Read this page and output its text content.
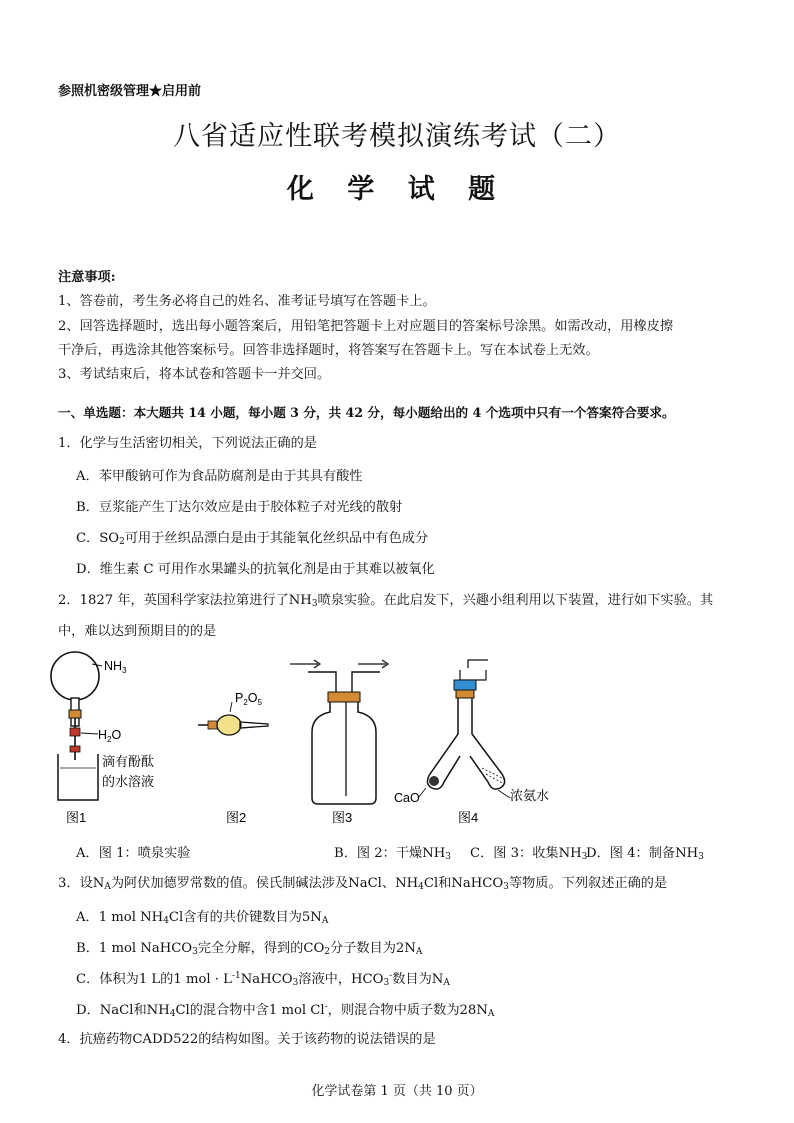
参照机密级管理★启用前
八省适应性联考模拟演练考试（二）
化 学 试 题
注意事项:
1、答卷前，考生务必将自己的姓名、准考证号填写在答题卡上。
2、回答选择题时，选出每小题答案后，用铅笔把答题卡上对应题目的答案标号涂黑。如需改动，用橡皮擦
干净后，再选涂其他答案标号。回答非选择题时，将答案写在答题卡上。写在本试卷上无效。
3、考试结束后，将本试卷和答题卡一并交回。
一、单选题：本大题共 14 小题，每小题 3 分，共 42 分，每小题给出的 4 个选项中只有一个答案符合要求。
1．化学与生活密切相关，下列说法正确的是
A．苯甲酸钠可作为食品防腐剂是由于其具有酸性
B．豆浆能产生丁达尔效应是由于胶体粒子对光线的散射
C．$SO_2$可用于丝织品漂白是由于其能氧化丝织品中有色成分
D．维生素 C 可用作水果罐头的抗氧化剂是由于其难以被氧化
2．1827 年，英国科学家法拉第进行了$NH_3$喷泉实验。在此启发下，兴趣小组利用以下装置，进行如下实验。其
中，难以达到预期目的的是
$NH_3$
$H_2O$
滴有酚酞
的水溶液
$P_2O_5$
CaO	浓氨水
图1	图2	图3	图4
A．图 1：喷泉实验	B．图 2：干燥$NH_3$ C．图 3：收集$NH_3$
D．图 4：制备$NH_3$
3．设$N_A$为阿伏加德罗常数的值。侯氏制碱法涉及NaCl、$NH_4Cl$和NaHCO$_3$等物质。下列叙述正确的是
A．1 mol $NH_4Cl$含有的共价键数目为$5N_A$
B．1 mol NaHCO$_3$完全分解，得到的$CO_2$分子数目为$2N_A$
C．体积为1 L的1 mol · $L^{-1}NaHCO_3$溶液中，$HCO_3^-$数目为$N_A$
D．NaCl和$NH_4Cl$的混合物中含1 mol Cl-，则混合物中质子数为$28N_A$
4．抗癌药物CADD522的结构如图。关于该药物的说法错误的是
化学试卷第 1 页（共 10 页）
